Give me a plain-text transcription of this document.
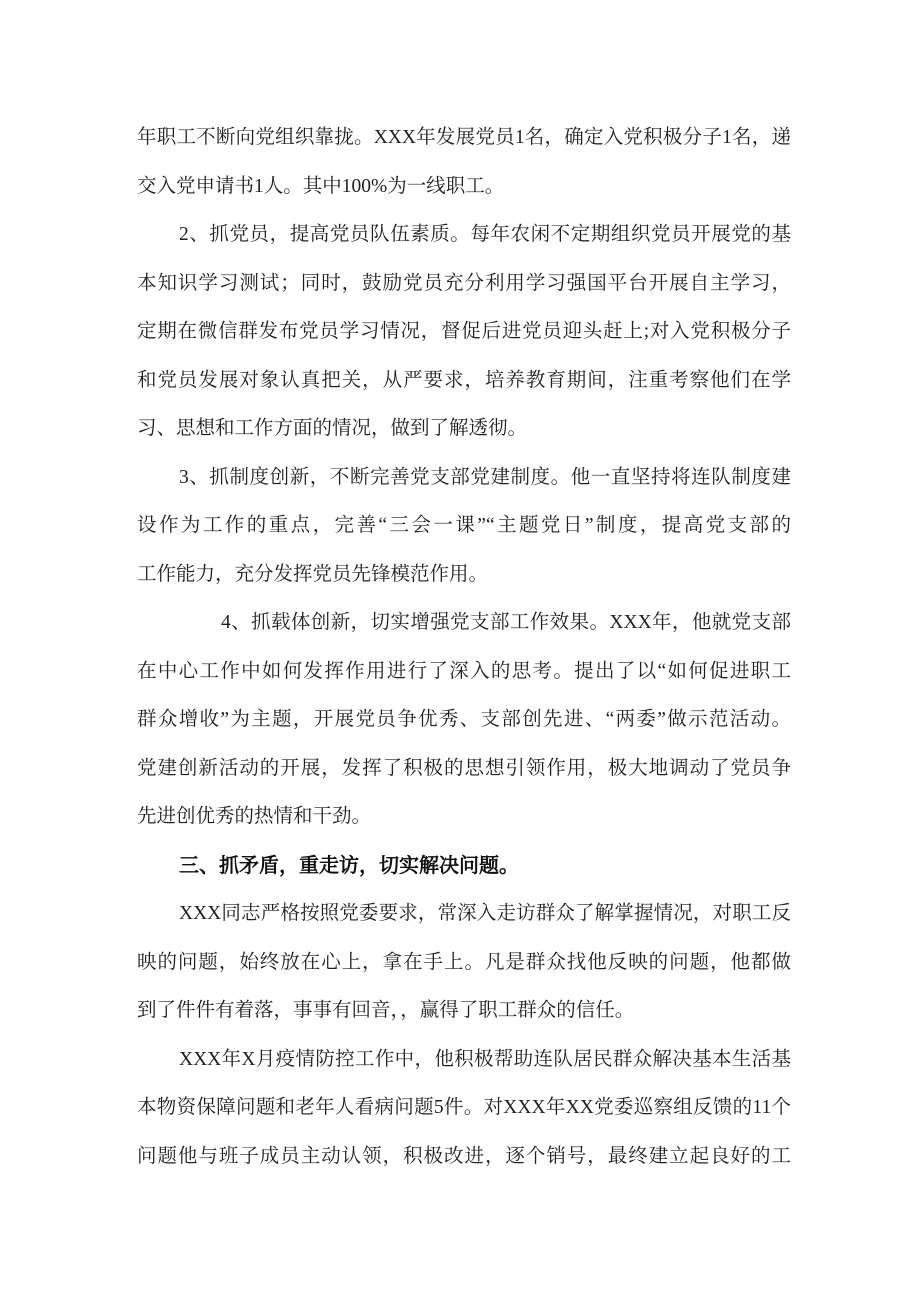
年职工不断向党组织靠拢。XXX年发展党员1名，确定入党积极分子1名，递
交入党申请书1人。其中100%为一线职工。
2、抓党员，提高党员队伍素质。每年农闲不定期组织党员开展党的基
本知识学习测试；同时，鼓励党员充分利用学习强国平台开展自主学习，
定期在微信群发布党员学习情况，督促后进党员迎头赶上;对入党积极分子
和党员发展对象认真把关，从严要求，培养教育期间，注重考察他们在学
习、思想和工作方面的情况，做到了解透彻。
3、抓制度创新，不断完善党支部党建制度。他一直坚持将连队制度建
设作为工作的重点，完善“三会一课”“主题党日”制度，提高党支部的
工作能力，充分发挥党员先锋模范作用。
4、抓载体创新，切实增强党支部工作效果。XXX年，他就党支部
在中心工作中如何发挥作用进行了深入的思考。提出了以“如何促进职工
群众增收”为主题，开展党员争优秀、支部创先进、“两委”做示范活动。
党建创新活动的开展，发挥了积极的思想引领作用，极大地调动了党员争
先进创优秀的热情和干劲。
三、抓矛盾，重走访，切实解决问题。
XXX同志严格按照党委要求，常深入走访群众了解掌握情况，对职工反
映的问题，始终放在心上，拿在手上。凡是群众找他反映的问题，他都做
到了件件有着落，事事有回音，，赢得了职工群众的信任。
XXX年X月疫情防控工作中，他积极帮助连队居民群众解决基本生活基
本物资保障问题和老年人看病问题5件。对XXX年XX党委巡察组反馈的11个
问题他与班子成员主动认领，积极改进，逐个销号，最终建立起良好的工
